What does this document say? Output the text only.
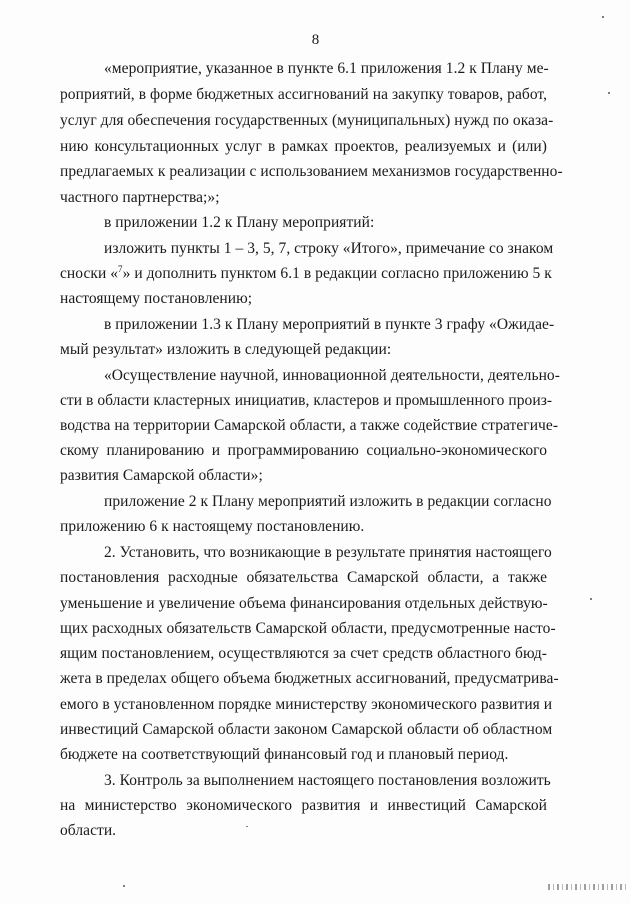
8
«мероприятие, указанное в пункте 6.1 приложения 1.2 к Плану ме-
роприятий, в форме бюджетных ассигнований на закупку товаров, работ,
услуг для обеспечения государственных (муниципальных) нужд по оказа-
нию консультационных услуг в рамках проектов, реализуемых и (или)
предлагаемых к реализации с использованием механизмов государственно-
частного партнерства;»;
в приложении 1.2 к Плану мероприятий:
изложить пункты 1 – 3, 5, 7, строку «Итого», примечание со знаком
сноски «$^7$» и дополнить пунктом 6.1 в редакции согласно приложению 5 к
настоящему постановлению;
в приложении 1.3 к Плану мероприятий в пункте 3 графу «Ожидае-
мый результат» изложить в следующей редакции:
«Осуществление научной, инновационной деятельности, деятельно-
сти в области кластерных инициатив, кластеров и промышленного произ-
водства на территории Самарской области, а также содействие стратегиче-
скому планированию и программированию социально-экономического
развития Самарской области»;
приложение 2 к Плану мероприятий изложить в редакции согласно
приложению 6 к настоящему постановлению.
2. Установить, что возникающие в результате принятия настоящего
постановления расходные обязательства Самарской области, а также
уменьшение и увеличение объема финансирования отдельных действую-
щих расходных обязательств Самарской области, предусмотренные насто-
ящим постановлением, осуществляются за счет средств областного бюд-
жета в пределах общего объема бюджетных ассигнований, предусматрива-
емого в установленном порядке министерству экономического развития и
инвестиций Самарской области законом Самарской области об областном
бюджете на соответствующий финансовый год и плановый период.
3. Контроль за выполнением настоящего постановления возложить
на министерство экономического развития и инвестиций Самарской
области.
